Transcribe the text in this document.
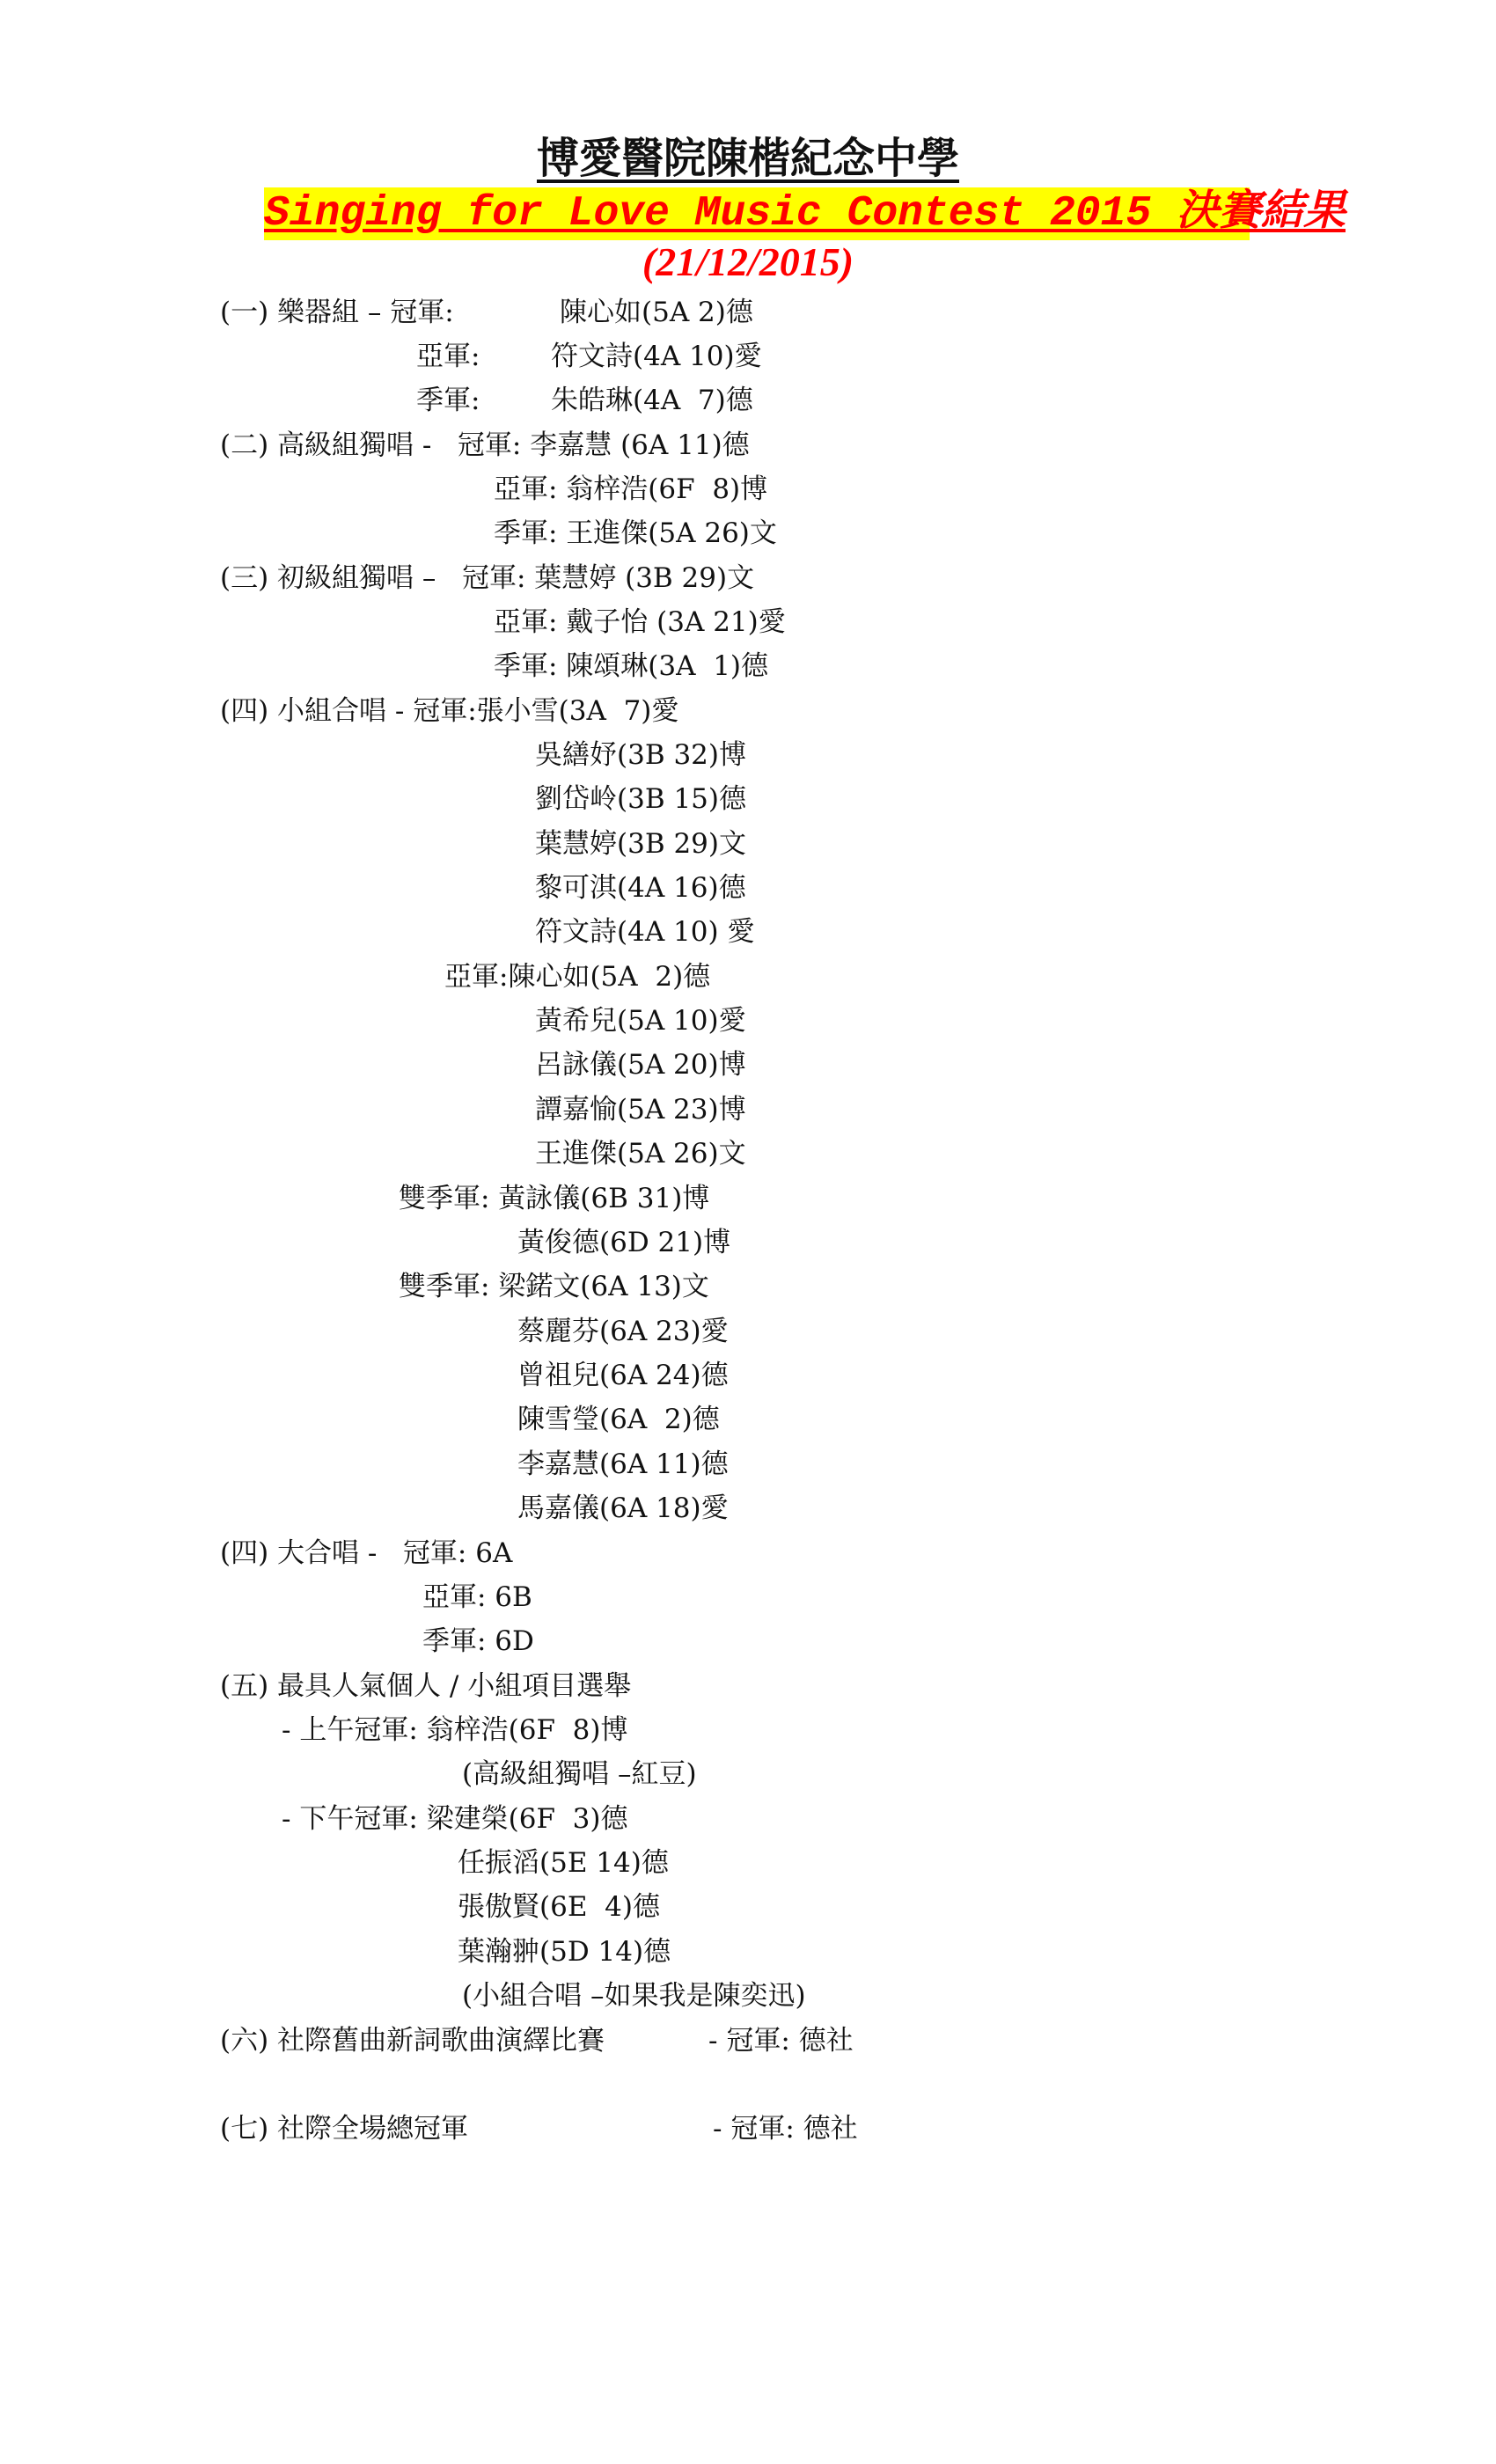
博愛醫院陳楷紀念中學
Singing for Love Music Contest 2015 決賽結果
(21/12/2015)
(一) 樂器組 – 冠軍:	陳心如(5A 2)德
亞軍:	符文詩(4A 10)愛
季軍:	朱皓琳(4A  7)德
(二) 高級組獨唱 -   冠軍: 李嘉慧 (6A 11)德
亞軍: 翁梓浩(6F  8)博
季軍: 王進傑(5A 26)文
(三) 初級組獨唱 –   冠軍: 葉慧婷 (3B 29)文
亞軍: 戴子怡 (3A 21)愛
季軍: 陳頌琳(3A  1)德
(四) 小組合唱 - 冠軍:張小雪(3A  7)愛
吳繕妤(3B 32)博
劉岱岭(3B 15)德
葉慧婷(3B 29)文
黎可淇(4A 16)德
符文詩(4A 10) 愛
亞軍:陳心如(5A  2)德
黃希兒(5A 10)愛
呂詠儀(5A 20)博
譚嘉愉(5A 23)博
王進傑(5A 26)文
雙季軍: 黃詠儀(6B 31)博
黃俊德(6D 21)博
雙季軍: 梁鍩文(6A 13)文
蔡麗芬(6A 23)愛
曾祖兒(6A 24)德
陳雪瑩(6A  2)德
李嘉慧(6A 11)德
馬嘉儀(6A 18)愛
(四) 大合唱 -   冠軍: 6A
亞軍: 6B
季軍: 6D
(五) 最具人氣個人 / 小組項目選舉
- 上午冠軍: 翁梓浩(6F  8)博
(高級組獨唱 –紅豆)
- 下午冠軍: 梁建榮(6F  3)德
任振滔(5E 14)德
張傲賢(6E  4)德
葉瀚翀(5D 14)德
(小組合唱 –如果我是陳奕迅)
(六) 社際舊曲新詞歌曲演繹比賽	- 冠軍: 德社
(七) 社際全場總冠軍	- 冠軍: 德社
